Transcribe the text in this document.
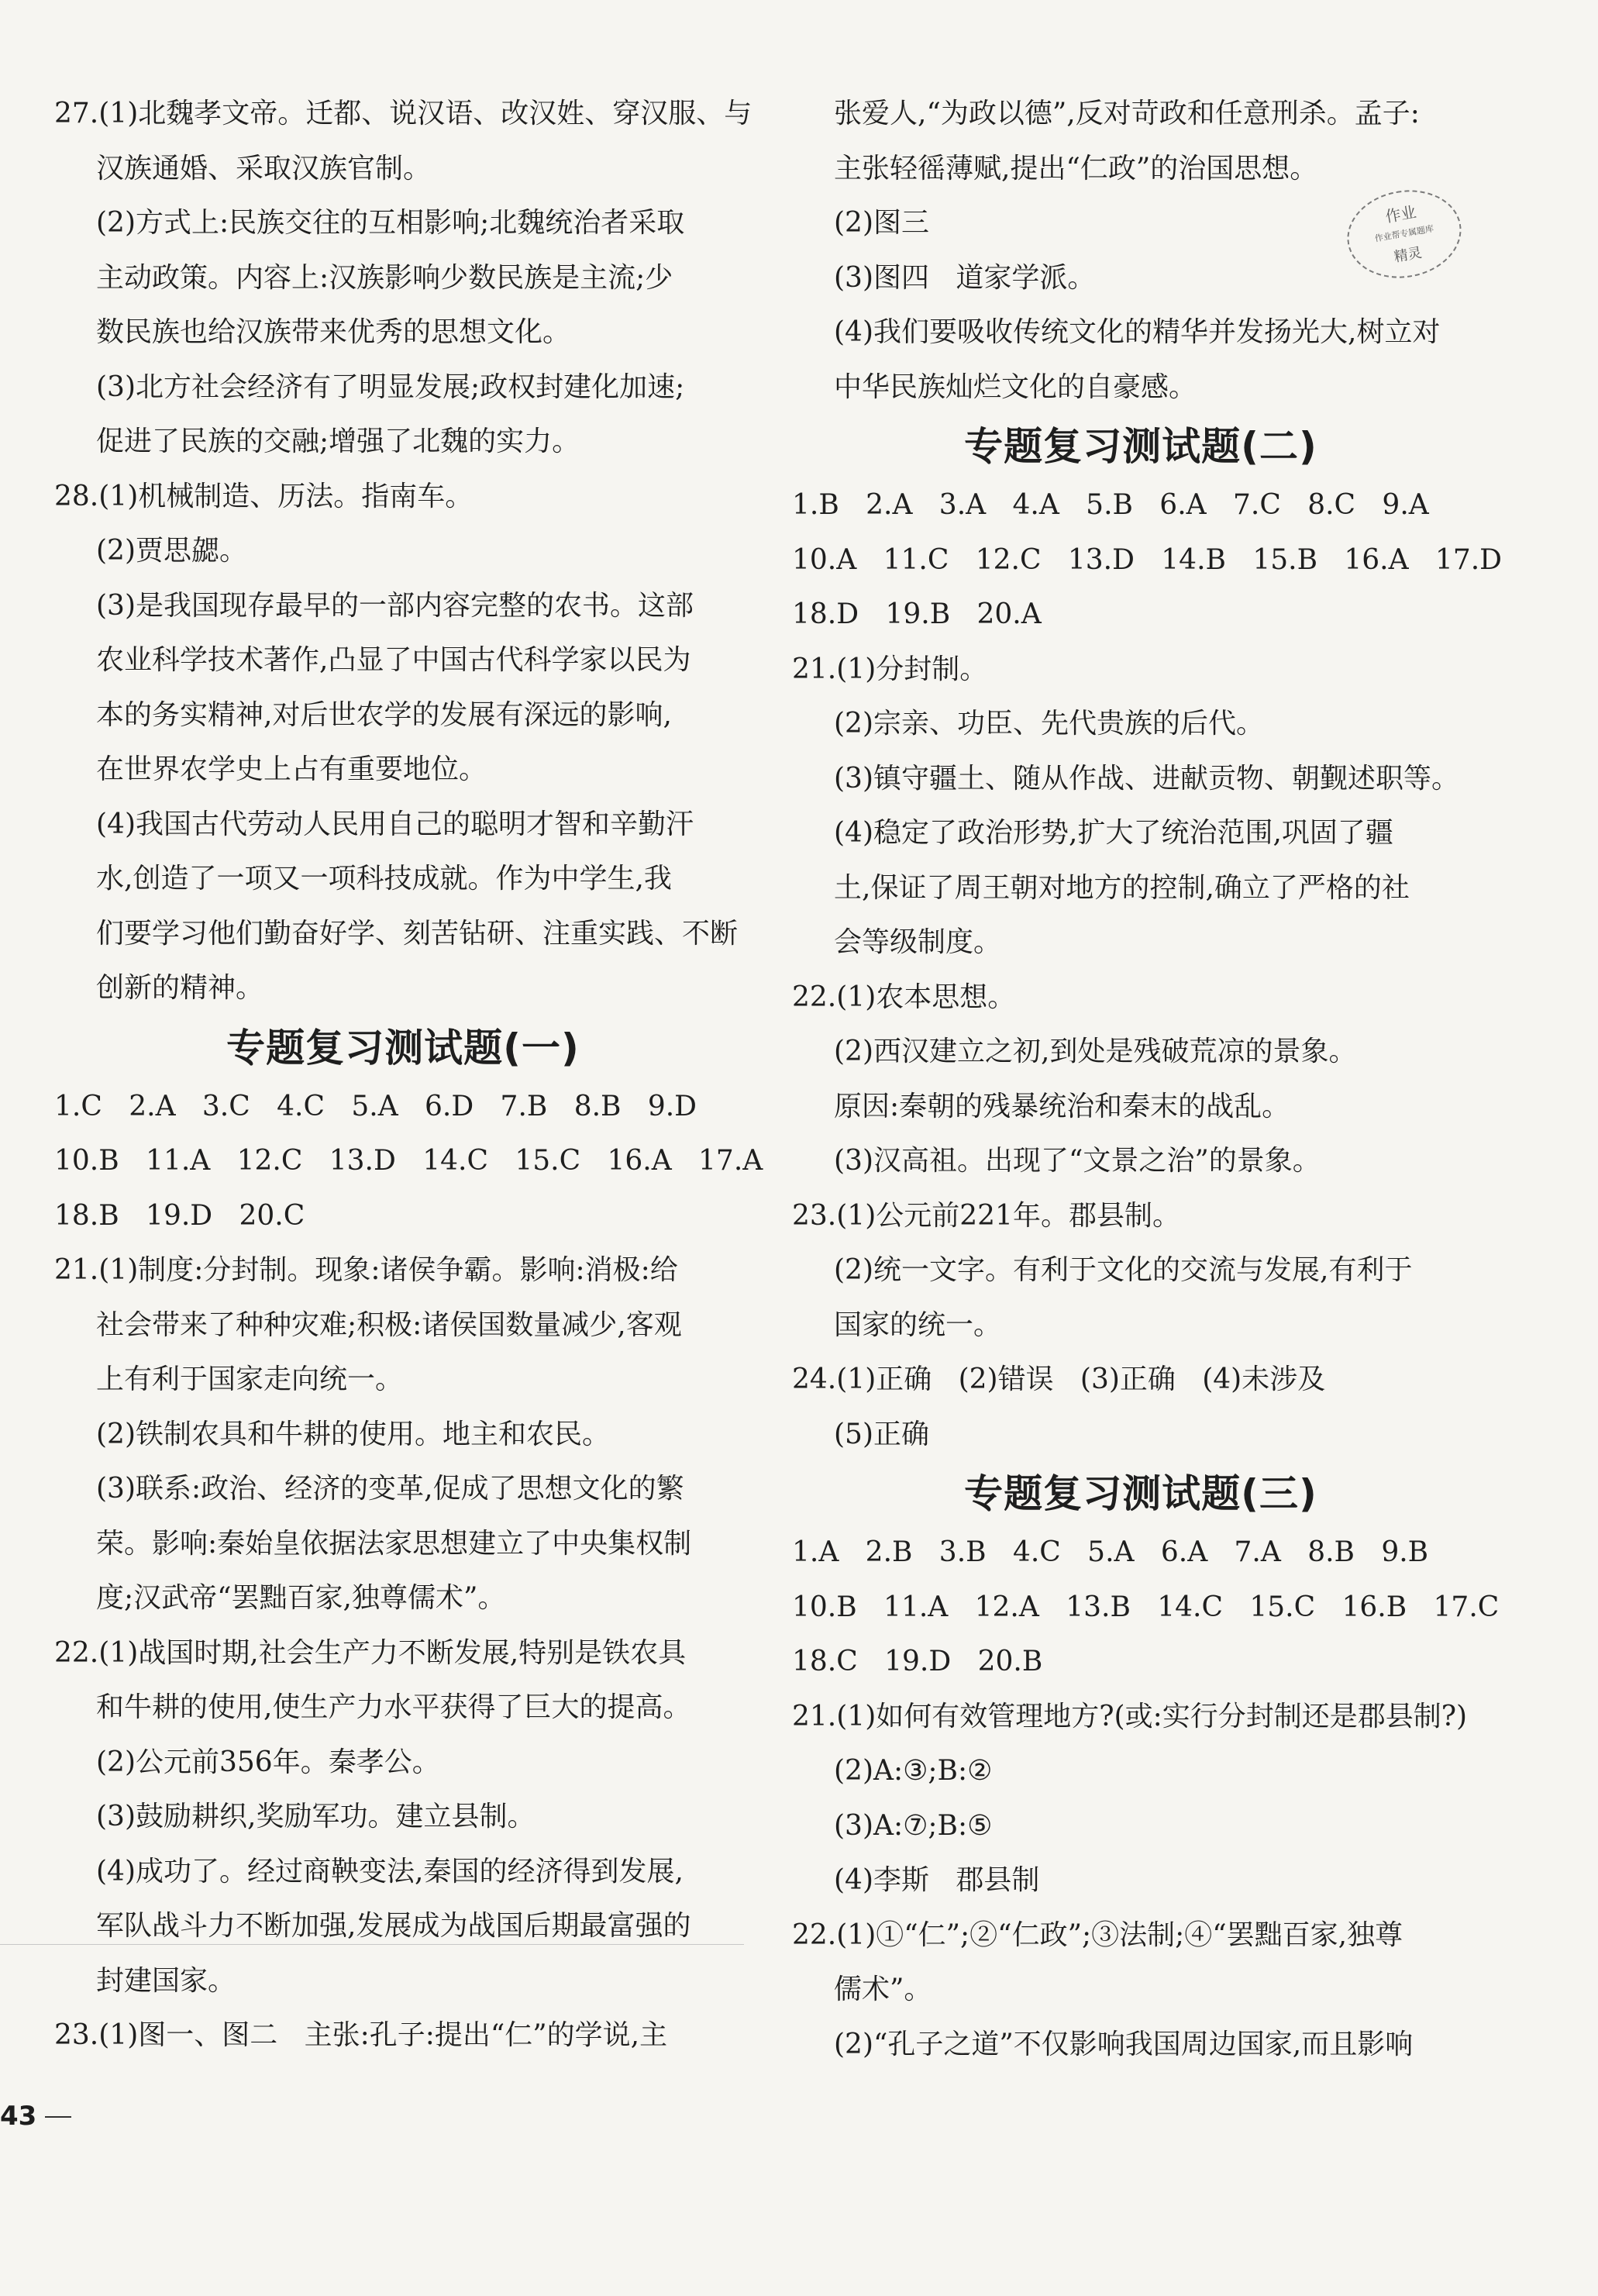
27.(1)北魏孝文帝。迁都、说汉语、改汉姓、穿汉服、与
汉族通婚、采取汉族官制。
(2)方式上:民族交往的互相影响;北魏统治者采取
主动政策。内容上:汉族影响少数民族是主流;少
数民族也给汉族带来优秀的思想文化。
(3)北方社会经济有了明显发展;政权封建化加速;
促进了民族的交融;增强了北魏的实力。
28.(1)机械制造、历法。指南车。
(2)贾思勰。
(3)是我国现存最早的一部内容完整的农书。这部
农业科学技术著作,凸显了中国古代科学家以民为
本的务实精神,对后世农学的发展有深远的影响,
在世界农学史上占有重要地位。
(4)我国古代劳动人民用自己的聪明才智和辛勤汗
水,创造了一项又一项科技成就。作为中学生,我
们要学习他们勤奋好学、刻苦钻研、注重实践、不断
创新的精神。
专题复习测试题(一)
1.C   2.A   3.C   4.C   5.A   6.D   7.B   8.B   9.D
10.B   11.A   12.C   13.D   14.C   15.C   16.A   17.A
18.B   19.D   20.C
21.(1)制度:分封制。现象:诸侯争霸。影响:消极:给
社会带来了种种灾难;积极:诸侯国数量减少,客观
上有利于国家走向统一。
(2)铁制农具和牛耕的使用。地主和农民。
(3)联系:政治、经济的变革,促成了思想文化的繁
荣。影响:秦始皇依据法家思想建立了中央集权制
度;汉武帝“罢黜百家,独尊儒术”。
22.(1)战国时期,社会生产力不断发展,特别是铁农具
和牛耕的使用,使生产力水平获得了巨大的提高。
(2)公元前356年。秦孝公。
(3)鼓励耕织,奖励军功。建立县制。
(4)成功了。经过商鞅变法,秦国的经济得到发展,
军队战斗力不断加强,发展成为战国后期最富强的
封建国家。
23.(1)图一、图二   主张:孔子:提出“仁”的学说,主
张爱人,“为政以德”,反对苛政和任意刑杀。孟子:
主张轻徭薄赋,提出“仁政”的治国思想。
(2)图三
(3)图四   道家学派。
(4)我们要吸收传统文化的精华并发扬光大,树立对
中华民族灿烂文化的自豪感。
专题复习测试题(二)
1.B   2.A   3.A   4.A   5.B   6.A   7.C   8.C   9.A
10.A   11.C   12.C   13.D   14.B   15.B   16.A   17.D
18.D   19.B   20.A
21.(1)分封制。
(2)宗亲、功臣、先代贵族的后代。
(3)镇守疆土、随从作战、进献贡物、朝觐述职等。
(4)稳定了政治形势,扩大了统治范围,巩固了疆
土,保证了周王朝对地方的控制,确立了严格的社
会等级制度。
22.(1)农本思想。
(2)西汉建立之初,到处是残破荒凉的景象。
原因:秦朝的残暴统治和秦末的战乱。
(3)汉高祖。出现了“文景之治”的景象。
23.(1)公元前221年。郡县制。
(2)统一文字。有利于文化的交流与发展,有利于
国家的统一。
24.(1)正确   (2)错误   (3)正确   (4)未涉及
(5)正确
专题复习测试题(三)
1.A   2.B   3.B   4.C   5.A   6.A   7.A   8.B   9.B
10.B   11.A   12.A   13.B   14.C   15.C   16.B   17.C
18.C   19.D   20.B
21.(1)如何有效管理地方?(或:实行分封制还是郡县制?)
(2)A:③;B:②
(3)A:⑦;B:⑤
(4)李斯   郡县制
22.(1)①“仁”;②“仁政”;③法制;④“罢黜百家,独尊
儒术”。
(2)“孔子之道”不仅影响我国周边国家,而且影响
作业
作业帮专属题库
精灵
43
